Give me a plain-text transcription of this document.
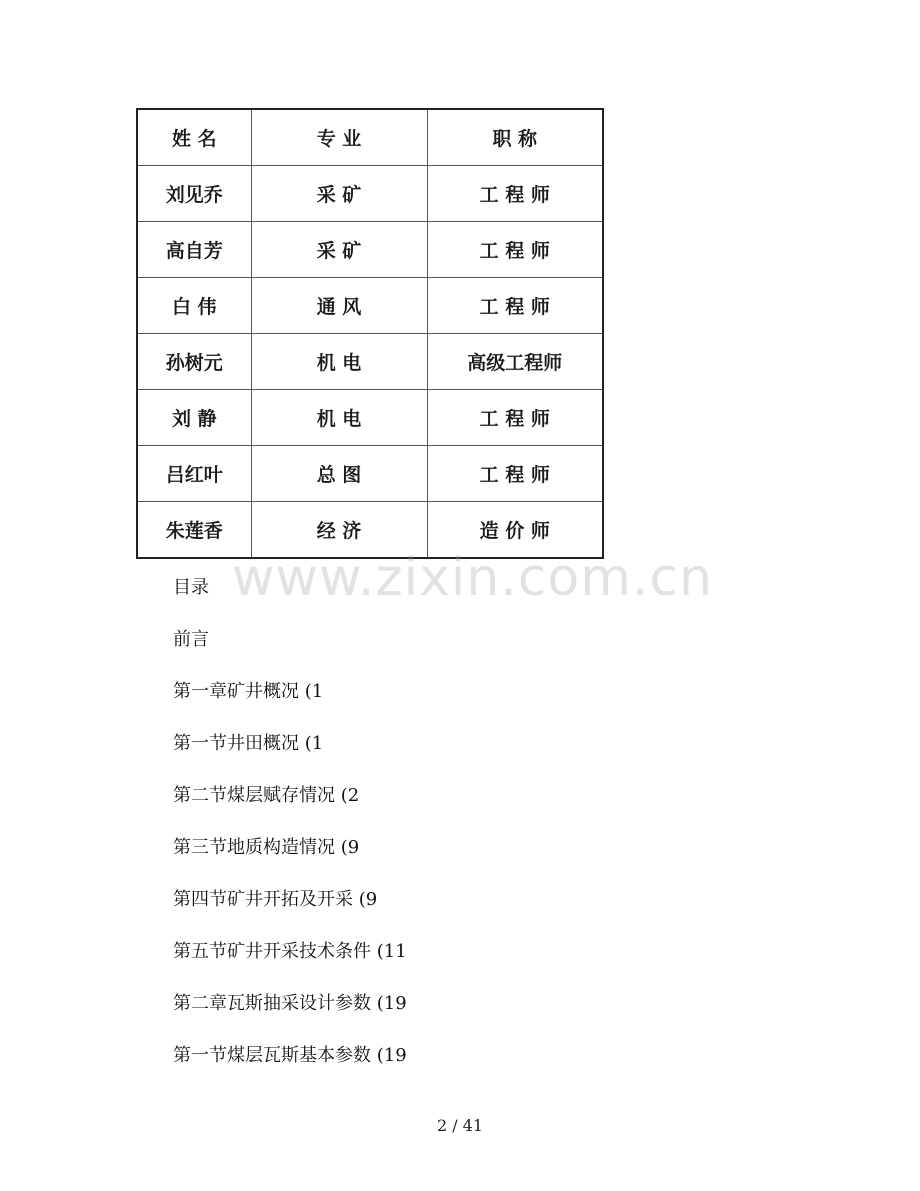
姓 名	专 业	职 称
刘见乔	采 矿	工 程 师
高自芳	采 矿	工 程 师
白 伟	通 风	工 程 师
孙树元	机 电	高级工程师
刘 静	机 电	工 程 师
吕红叶	总 图	工 程 师
朱莲香	经 济	造 价 师
www.zixin.com.cn
目录
前言
第一章矿井概况 (1
第一节井田概况 (1
第二节煤层赋存情况 (2
第三节地质构造情况 (9
第四节矿井开拓及开采 (9
第五节矿井开采技术条件 (11
第二章瓦斯抽采设计参数 (19
第一节煤层瓦斯基本参数 (19
2 / 41
